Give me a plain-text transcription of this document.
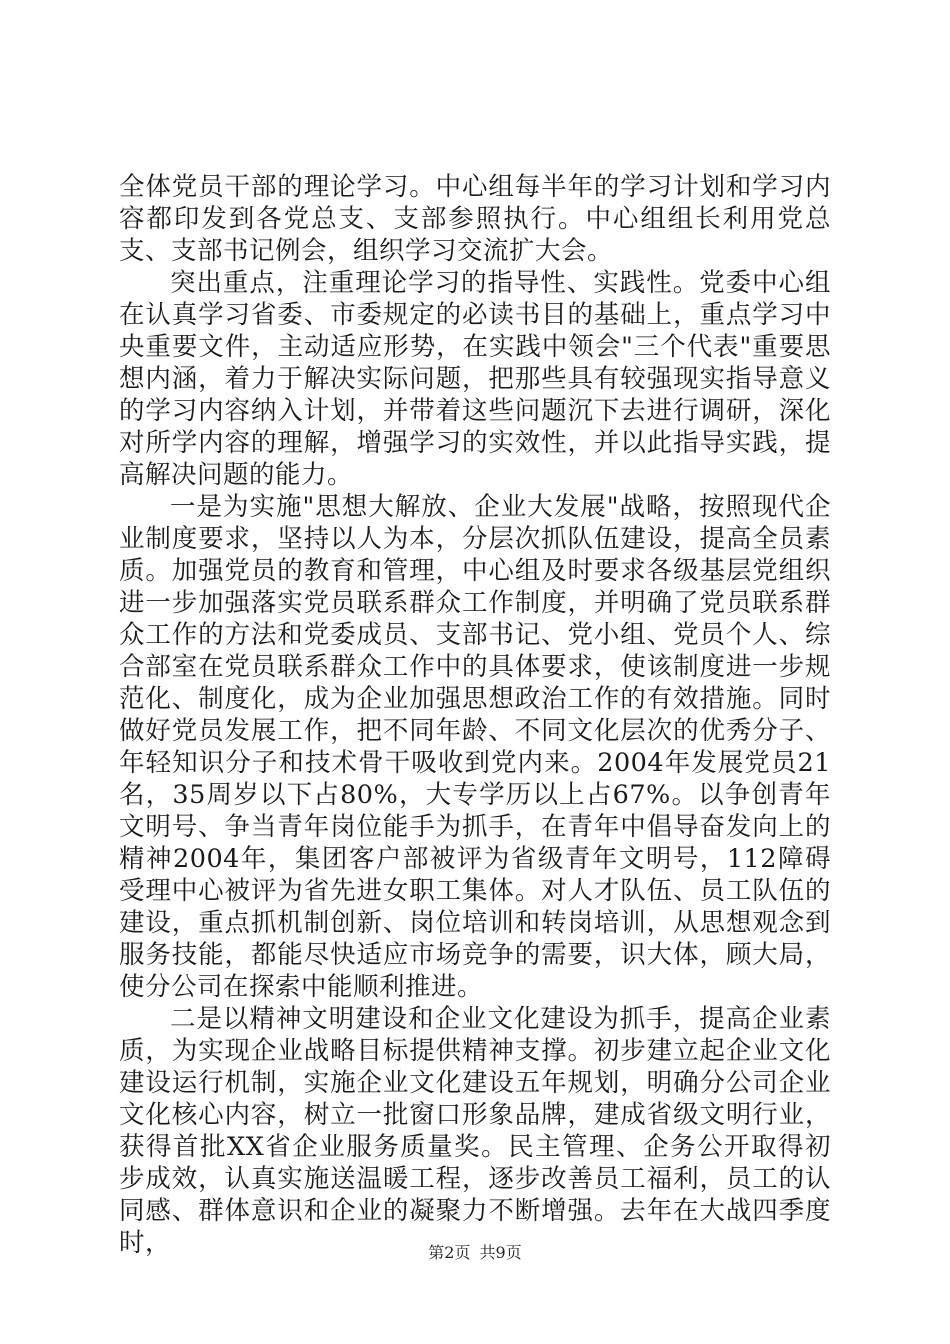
全体党员干部的理论学习。中心组每半年的学习计划和学习内容都印发到各党总支、支部参照执行。中心组组长利用党总支、支部书记例会，组织学习交流扩大会。

突出重点，注重理论学习的指导性、实践性。党委中心组在认真学习省委、市委规定的必读书目的基础上，重点学习中央重要文件，主动适应形势，在实践中领会"三个代表"重要思想内涵，着力于解决实际问题，把那些具有较强现实指导意义的学习内容纳入计划，并带着这些问题沉下去进行调研，深化对所学内容的理解，增强学习的实效性，并以此指导实践，提高解决问题的能力。

一是为实施"思想大解放、企业大发展"战略，按照现代企业制度要求，坚持以人为本，分层次抓队伍建设，提高全员素质。加强党员的教育和管理，中心组及时要求各级基层党组织进一步加强落实党员联系群众工作制度，并明确了党员联系群众工作的方法和党委成员、支部书记、党小组、党员个人、综合部室在党员联系群众工作中的具体要求，使该制度进一步规范化、制度化，成为企业加强思想政治工作的有效措施。同时做好党员发展工作，把不同年龄、不同文化层次的优秀分子、年轻知识分子和技术骨干吸收到党内来。2004年发展党员21名，35周岁以下占80%，大专学历以上占67%。以争创青年文明号、争当青年岗位能手为抓手，在青年中倡导奋发向上的精神2004年，集团客户部被评为省级青年文明号，112障碍受理中心被评为省先进女职工集体。对人才队伍、员工队伍的建设，重点抓机制创新、岗位培训和转岗培训，从思想观念到服务技能，都能尽快适应市场竞争的需要，识大体，顾大局，使分公司在探索中能顺利推进。

二是以精神文明建设和企业文化建设为抓手，提高企业素质，为实现企业战略目标提供精神支撑。初步建立起企业文化建设运行机制，实施企业文化建设五年规划，明确分公司企业文化核心内容，树立一批窗口形象品牌，建成省级文明行业，获得首批XX省企业服务质量奖。民主管理、企务公开取得初步成效，认真实施送温暖工程，逐步改善员工福利，员工的认同感、群体意识和企业的凝聚力不断增强。去年在大战四季度时，	第2页 共9页
